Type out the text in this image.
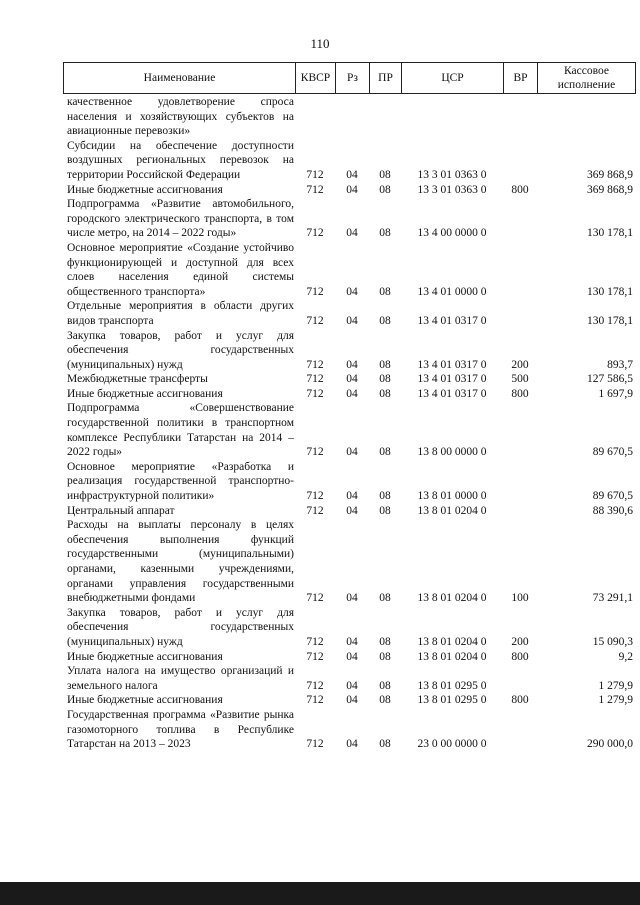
110
Наименование	КВСР	Рз	ПР	ЦСР	ВР	Кассовое исполнение
качественное удовлетворение спроса населения и хозяйствующих субъектов на авиационные перевозки»						
Субсидии на обеспечение доступности воздушных региональных перевозок на территории Российской Федерации	712	04	08	13 3 01 0363 0		369 868,9
Иные бюджетные ассигнования	712	04	08	13 3 01 0363 0	800	369 868,9
Подпрограмма «Развитие автомобильного, городского электрического транспорта, в том числе метро, на 2014 – 2022 годы»	712	04	08	13 4 00 0000 0		130 178,1
Основное мероприятие «Создание устойчиво функционирующей и доступной для всех слоев населения единой системы общественного транспорта»	712	04	08	13 4 01 0000 0		130 178,1
Отдельные мероприятия в области других видов транспорта	712	04	08	13 4 01 0317 0		130 178,1
Закупка товаров, работ и услуг для обеспечения государственных (муниципальных) нужд	712	04	08	13 4 01 0317 0	200	893,7
Межбюджетные трансферты	712	04	08	13 4 01 0317 0	500	127 586,5
Иные бюджетные ассигнования	712	04	08	13 4 01 0317 0	800	1 697,9
Подпрограмма «Совершенствование государственной политики в транспортном комплексе Республики Татарстан на 2014 – 2022 годы»	712	04	08	13 8 00 0000 0		89 670,5
Основное мероприятие «Разработка и реализация государственной транспортно-инфраструктурной политики»	712	04	08	13 8 01 0000 0		89 670,5
Центральный аппарат	712	04	08	13 8 01 0204 0		88 390,6
Расходы на выплаты персоналу в целях обеспечения выполнения функций государственными (муниципальными) органами, казенными учреждениями, органами управления государственными внебюджетными фондами	712	04	08	13 8 01 0204 0	100	73 291,1
Закупка товаров, работ и услуг для обеспечения государственных (муниципальных) нужд	712	04	08	13 8 01 0204 0	200	15 090,3
Иные бюджетные ассигнования	712	04	08	13 8 01 0204 0	800	9,2
Уплата налога на имущество организаций и земельного налога	712	04	08	13 8 01 0295 0		1 279,9
Иные бюджетные ассигнования	712	04	08	13 8 01 0295 0	800	1 279,9
Государственная программа «Развитие рынка газомоторного топлива в Республике Татарстан на 2013 – 2023	712	04	08	23 0 00 0000 0		290 000,0
